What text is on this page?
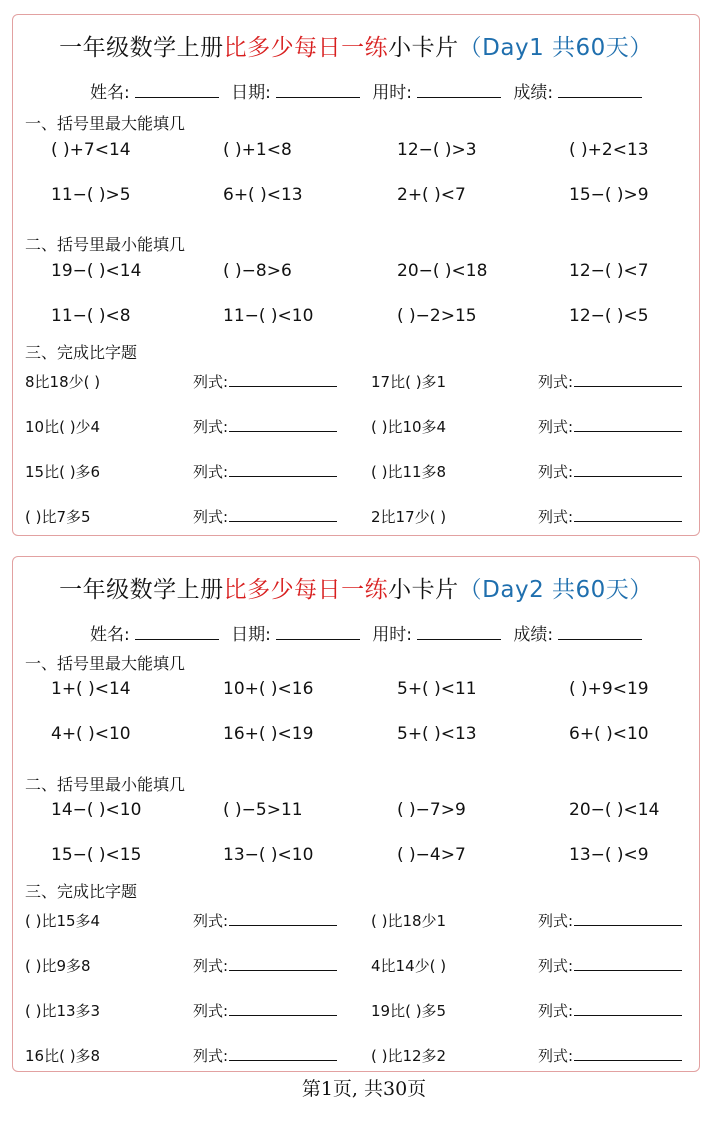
一年级数学上册比多少每日一练小卡片（Day1 共60天）
姓名:	日期:	用时:	成绩:
一、括号里最大能填几
( )+7<14	( )+1<8	12−( )>3	( )+2<13
11−( )>5	6+( )<13	2+( )<7	15−( )>9
二、括号里最小能填几
19−( )<14	( )−8>6	20−( )<18	12−( )<7
11−( )<8	11−( )<10	( )−2>15	12−( )<5
三、完成比字题
8比18少( )	列式:	17比( )多1	列式:
10比( )少4	列式:	( )比10多4	列式:
15比( )多6	列式:	( )比11多8	列式:
( )比7多5	列式:	2比17少( )	列式:
一年级数学上册比多少每日一练小卡片（Day2 共60天）
姓名:	日期:	用时:	成绩:
一、括号里最大能填几
1+( )<14	10+( )<16	5+( )<11	( )+9<19
4+( )<10	16+( )<19	5+( )<13	6+( )<10
二、括号里最小能填几
14−( )<10	( )−5>11	( )−7>9	20−( )<14
15−( )<15	13−( )<10	( )−4>7	13−( )<9
三、完成比字题
( )比15多4	列式:	( )比18少1	列式:
( )比9多8	列式:	4比14少( )	列式:
( )比13多3	列式:	19比( )多5	列式:
16比( )多8	列式:	( )比12多2	列式:
第1页, 共30页
